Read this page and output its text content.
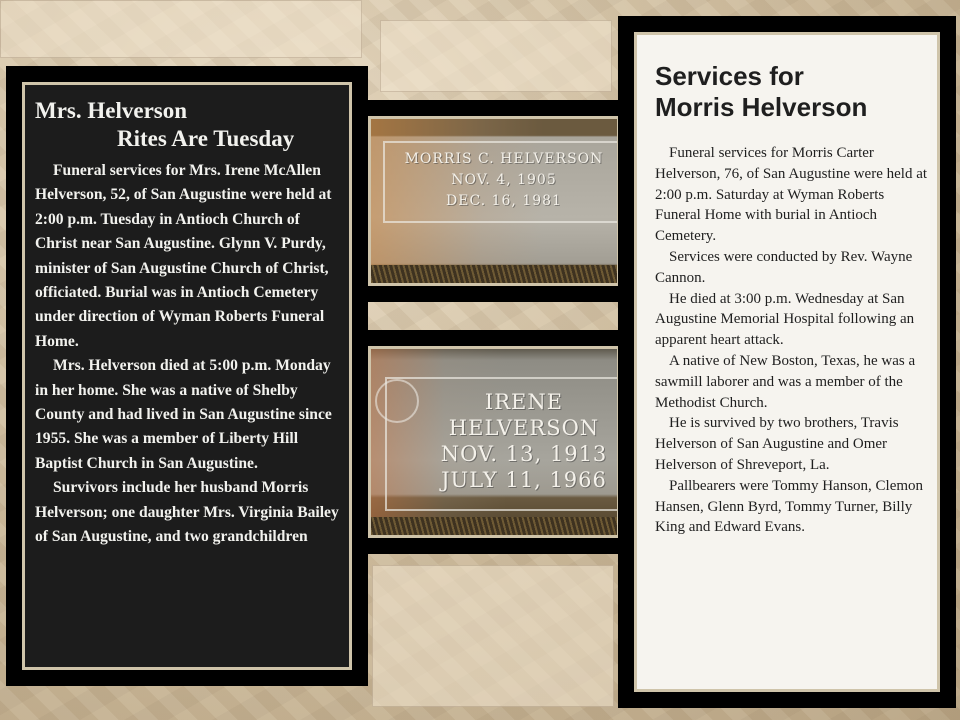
Mrs. Helverson
Rites Are Tuesday

Funeral services for Mrs. Irene McAllen Helverson, 52, of San Augustine were held at 2:00 p.m. Tuesday in Antioch Church of Christ near San Augustine. Glynn V. Purdy, minister of San Augustine Church of Christ, officiated. Burial was in Antioch Cemetery under direction of Wyman Roberts Funeral Home.

Mrs. Helverson died at 5:00 p.m. Monday in her home. She was a native of Shelby County and had lived in San Augustine since 1955. She was a member of Liberty Hill Baptist Church in San Augustine.

Survivors include her husband Morris Helverson; one daughter Mrs. Virginia Bailey of San Augustine, and two grandchildren

MORRIS C. HELVERSON
NOV. 4, 1905
DEC. 16, 1981
IRENE
HELVERSON
NOV. 13, 1913
JULY 11, 1966
Services for
Morris Helverson

Funeral services for Morris Carter Helverson, 76, of San Augustine were held at 2:00 p.m. Saturday at Wyman Roberts Funeral Home with burial in Antioch Cemetery.

Services were conducted by Rev. Wayne Cannon.

He died at 3:00 p.m. Wednesday at San Augustine Memorial Hospital following an apparent heart attack.

A native of New Boston, Texas, he was a sawmill laborer and was a member of the Methodist Church.

He is survived by two brothers, Travis Helverson of San Augustine and Omer Helverson of Shreveport, La.

Pallbearers were Tommy Hanson, Clemon Hansen, Glenn Byrd, Tommy Turner, Billy King and Edward Evans.
